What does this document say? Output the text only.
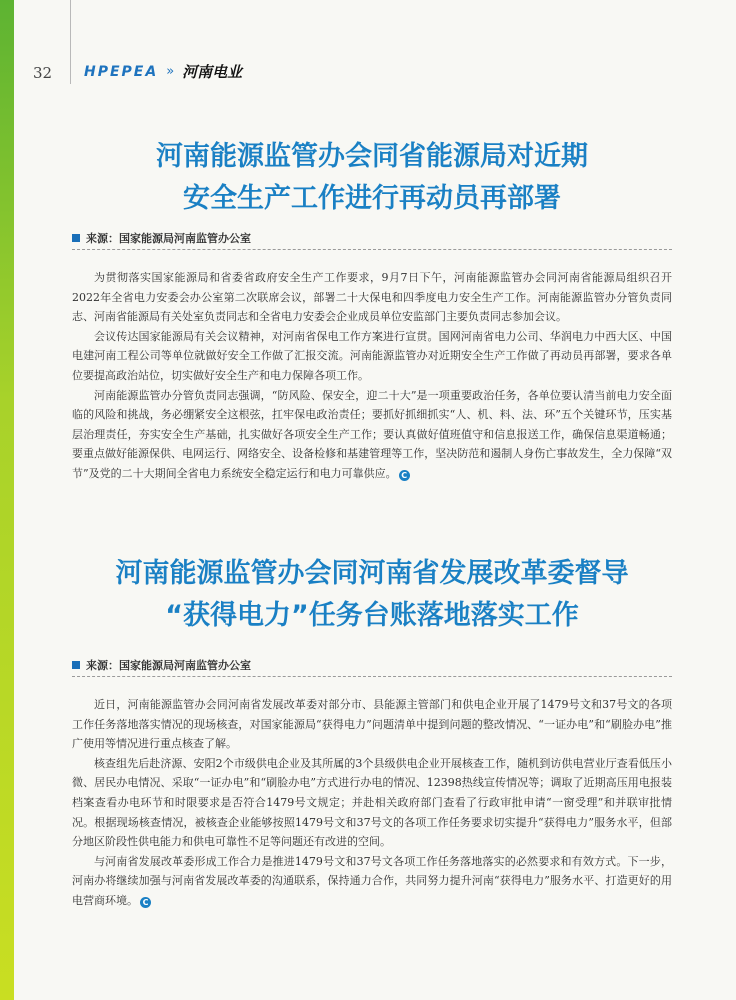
32 HPEPEA » 河南电业
河南能源监管办会同省能源局对近期
安全生产工作进行再动员再部署
来源：国家能源局河南监管办公室

为贯彻落实国家能源局和省委省政府安全生产工作要求，9月7日下午，河南能源监管办会同河南省能源局组织召开2022年全省电力安委会办公室第二次联席会议，部署二十大保电和四季度电力安全生产工作。河南能源监管办分管负责同志、河南省能源局有关处室负责同志和全省电力安委会企业成员单位安监部门主要负责同志参加会议。

会议传达国家能源局有关会议精神，对河南省保电工作方案进行宣贯。国网河南省电力公司、华润电力中西大区、中国电建河南工程公司等单位就做好安全工作做了汇报交流。河南能源监管办对近期安全生产工作做了再动员再部署，要求各单位要提高政治站位，切实做好安全生产和电力保障各项工作。

河南能源监管办分管负责同志强调，“防风险、保安全，迎二十大”是一项重要政治任务，各单位要认清当前电力安全面临的风险和挑战，务必绷紧安全这根弦，扛牢保电政治责任；要抓好抓细抓实“人、机、料、法、环”五个关键环节，压实基层治理责任，夯实安全生产基础，扎实做好各项安全生产工作；要认真做好值班值守和信息报送工作，确保信息渠道畅通；要重点做好能源保供、电网运行、网络安全、设备检修和基建管理等工作，坚决防范和遏制人身伤亡事故发生，全力保障“双节”及党的二十大期间全省电力系统安全稳定运行和电力可靠供应。 C

河南能源监管办会同河南省发展改革委督导
“获得电力”任务台账落地落实工作
来源：国家能源局河南监管办公室

近日，河南能源监管办会同河南省发展改革委对部分市、县能源主管部门和供电企业开展了1479号文和37号文的各项工作任务落地落实情况的现场核查，对国家能源局“获得电力”问题清单中提到问题的整改情况、“一证办电”和“刷脸办电”推广使用等情况进行重点核查了解。

核查组先后赴济源、安阳2个市级供电企业及其所属的3个县级供电企业开展核查工作，随机到访供电营业厅查看低压小微、居民办电情况、采取“一证办电”和“刷脸办电”方式进行办电的情况、12398热线宣传情况等；调取了近期高压用电报装档案查看办电环节和时限要求是否符合1479号文规定；并赴相关政府部门查看了行政审批申请“一窗受理”和并联审批情况。根据现场核查情况，被核查企业能够按照1479号文和37号文的各项工作任务要求切实提升“获得电力”服务水平，但部分地区阶段性供电能力和供电可靠性不足等问题还有改进的空间。

与河南省发展改革委形成工作合力是推进1479号文和37号文各项工作任务落地落实的必然要求和有效方式。下一步，河南办将继续加强与河南省发展改革委的沟通联系，保持通力合作，共同努力提升河南“获得电力”服务水平、打造更好的用电营商环境。 C
